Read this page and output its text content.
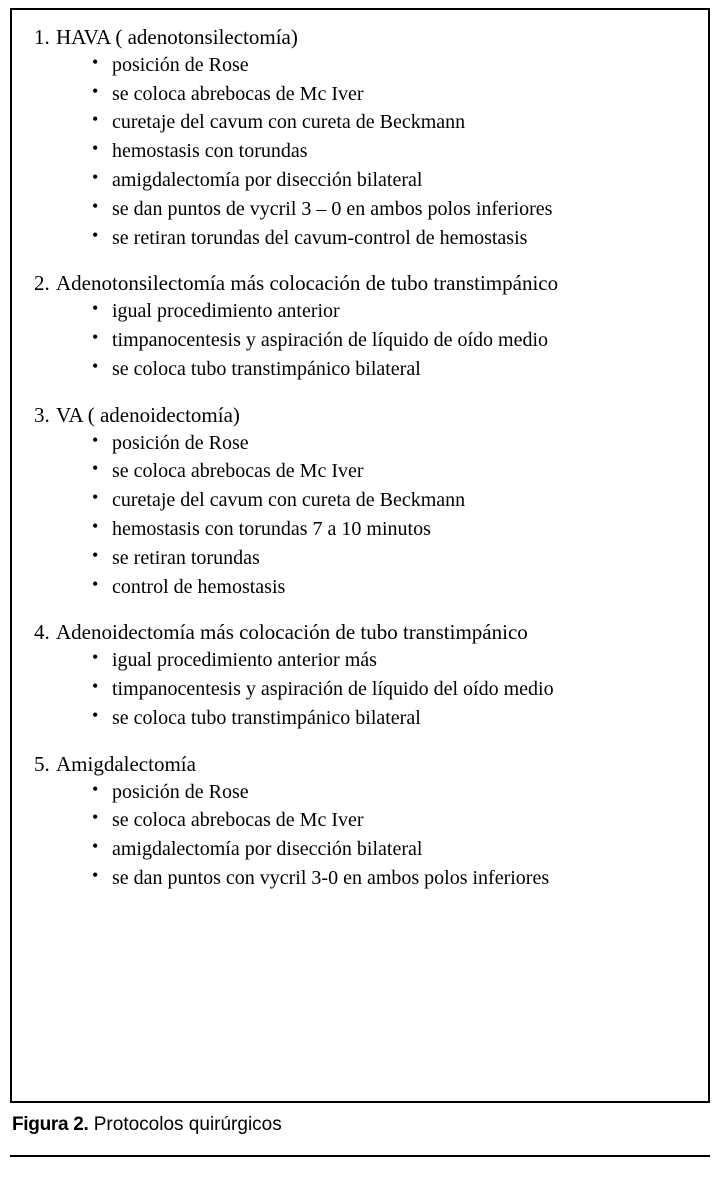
1. HAVA ( adenotonsilectomía)
• posición de Rose
• se coloca abrebocas de Mc Iver
• curetaje del cavum con cureta de Beckmann
• hemostasis con torundas
• amigdalectomía por disección bilateral
• se dan puntos de vycril 3 – 0 en ambos polos inferiores
• se retiran torundas del cavum-control de hemostasis
2. Adenotonsilectomía más colocación de tubo transtimpánico
• igual procedimiento anterior
• timpanocentesis y aspiración de líquido de oído medio
• se coloca tubo transtimpánico bilateral
3. VA ( adenoidectomía)
• posición de Rose
• se coloca abrebocas de Mc Iver
• curetaje del cavum con cureta de Beckmann
• hemostasis con torundas 7 a 10 minutos
• se retiran torundas
• control de hemostasis
4. Adenoidectomía más colocación de tubo transtimpánico
• igual procedimiento anterior más
• timpanocentesis y aspiración de líquido del oído medio
• se coloca tubo transtimpánico bilateral
5. Amigdalectomía
• posición de Rose
• se coloca abrebocas de Mc Iver
• amigdalectomía por disección bilateral
• se dan puntos con vycril 3-0 en ambos polos inferiores
Figura 2. Protocolos quirúrgicos
